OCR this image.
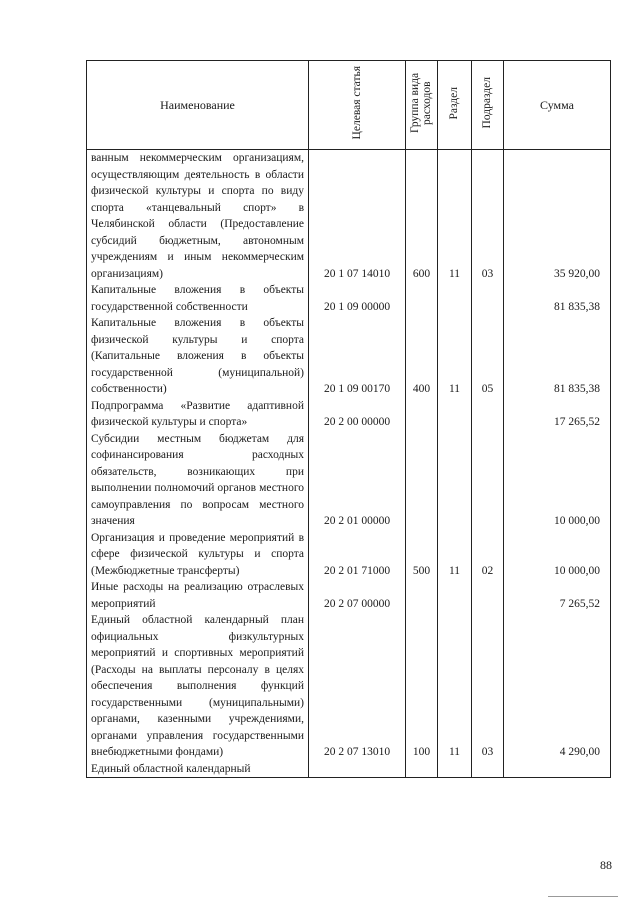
Наименование	Целевая статья	Группа вида расходов	Раздел	Подраздел	Сумма
ванным некоммерческим организациям, осуществляющим деятельность в области физической культуры и спорта по виду спорта «танцевальный спорт» в Челябинской области (Предоставление субсидий бюджетным, автономным учреждениям и иным некоммерческим организациям)	20 1 07 14010	600	11	03	35 920,00
Капитальные вложения в объекты государственной собственности	20 1 09 00000				81 835,38
Капитальные вложения в объекты физической культуры и спорта (Капитальные вложения в объекты государственной (муниципальной) собственности)	20 1 09 00170	400	11	05	81 835,38
Подпрограмма «Развитие адаптивной физической культуры и спорта»	20 2 00 00000				17 265,52
Субсидии местным бюджетам для софинансирования расходных обязательств, возникающих при выполнении полномочий органов местного самоуправления по вопросам местного значения	20 2 01 00000				10 000,00
Организация и проведение мероприятий в сфере физической культуры и спорта (Межбюджетные трансферты)	20 2 01 71000	500	11	02	10 000,00
Иные расходы на реализацию отраслевых мероприятий	20 2 07 00000				7 265,52
Единый областной календарный план официальных физкультурных мероприятий и спортивных мероприятий (Расходы на выплаты персоналу в целях обеспечения выполнения функций государственными (муниципальными) органами, казенными учреждениями, органами управления государственными внебюджетными фондами)	20 2 07 13010	100	11	03	4 290,00
Единый областной календарный					
88
